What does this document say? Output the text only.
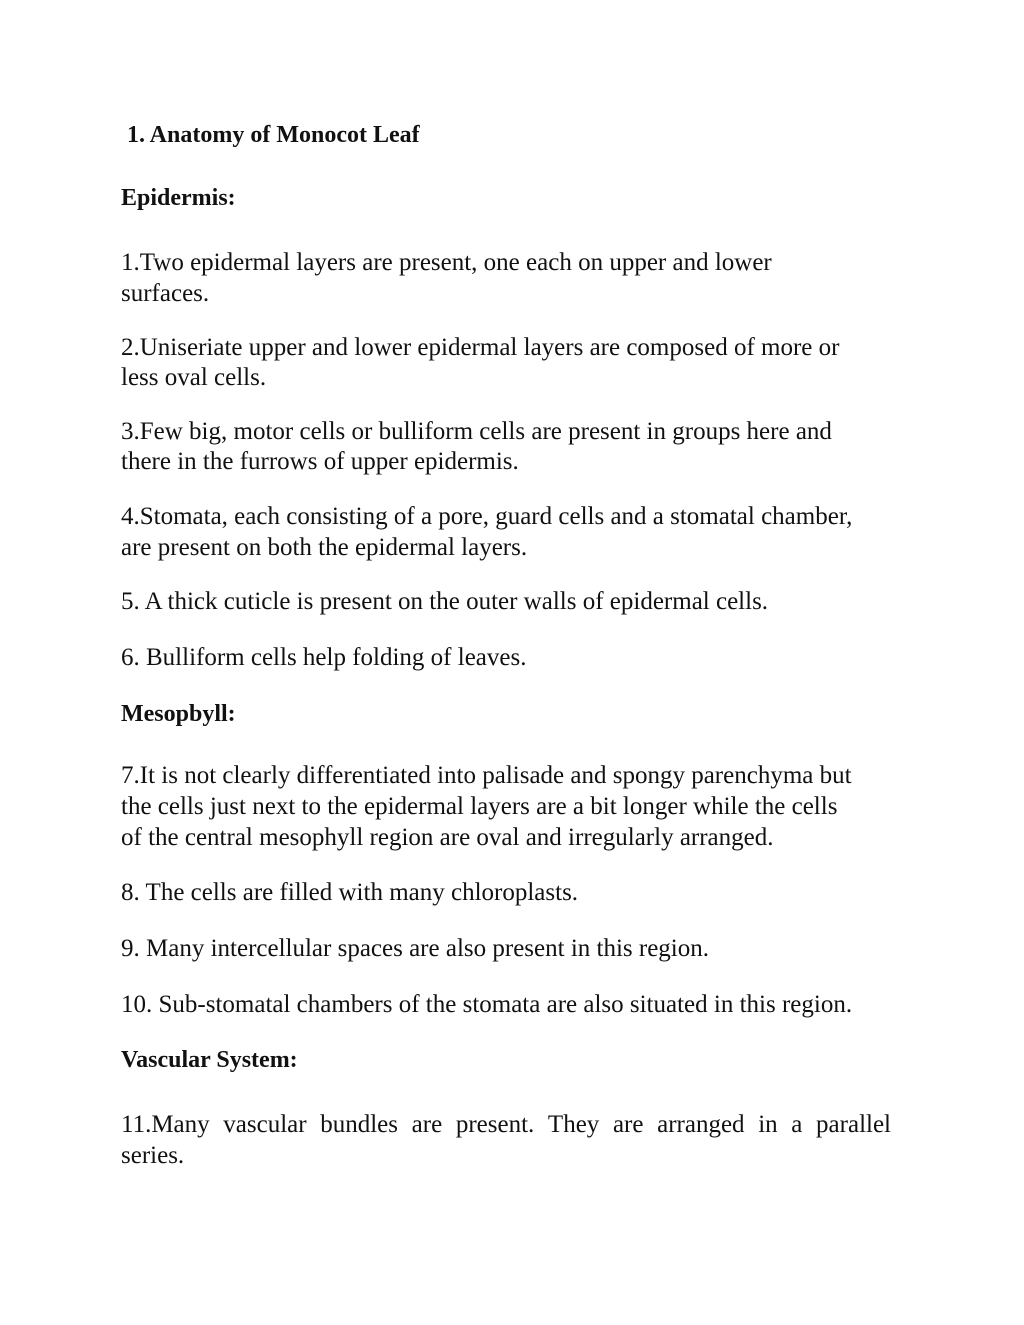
1. Anatomy of Monocot Leaf
Epidermis:
1.Two epidermal layers are present, one each on upper and lower
surfaces.
2.Uniseriate upper and lower epidermal layers are composed of more or
less oval cells.
3.Few big, motor cells or bulliform cells are present in groups here and
there in the furrows of upper epidermis.
4.Stomata, each consisting of a pore, guard cells and a stomatal chamber,
are present on both the epidermal layers.
5. A thick cuticle is present on the outer walls of epidermal cells.
6. Bulliform cells help folding of leaves.
Mesopbyll:
7.It is not clearly differentiated into palisade and spongy parenchyma but
the cells just next to the epidermal layers are a bit longer while the cells
of the central mesophyll region are oval and irregularly arranged.
8. The cells are filled with many chloroplasts.
9. Many intercellular spaces are also present in this region.
10. Sub-stomatal chambers of the stomata are also situated in this region.
Vascular System:
11.Many vascular bundles are present. They are arranged in a parallel
series.
